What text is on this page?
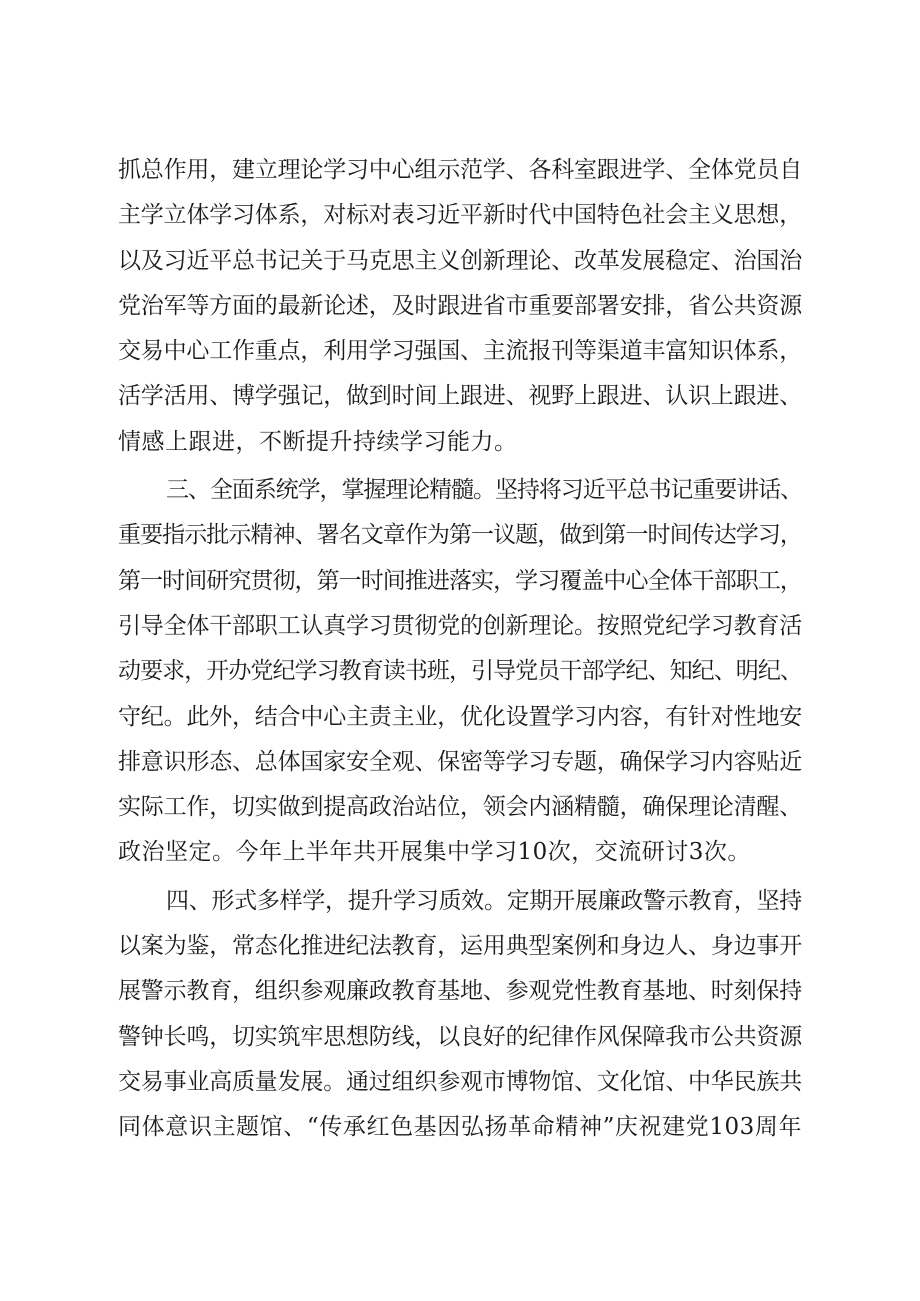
抓总作用，建立理论学习中心组示范学、各科室跟进学、全体党员自
主学立体学习体系，对标对表习近平新时代中国特色社会主义思想，
以及习近平总书记关于马克思主义创新理论、改革发展稳定、治国治
党治军等方面的最新论述，及时跟进省市重要部署安排，省公共资源
交易中心工作重点，利用学习强国、主流报刊等渠道丰富知识体系，
活学活用、博学强记，做到时间上跟进、视野上跟进、认识上跟进、
情感上跟进，不断提升持续学习能力。
三、全面系统学，掌握理论精髓。坚持将习近平总书记重要讲话、
重要指示批示精神、署名文章作为第一议题，做到第一时间传达学习，
第一时间研究贯彻，第一时间推进落实，学习覆盖中心全体干部职工，
引导全体干部职工认真学习贯彻党的创新理论。按照党纪学习教育活
动要求，开办党纪学习教育读书班，引导党员干部学纪、知纪、明纪、
守纪。此外，结合中心主责主业，优化设置学习内容，有针对性地安
排意识形态、总体国家安全观、保密等学习专题，确保学习内容贴近
实际工作，切实做到提高政治站位，领会内涵精髓，确保理论清醒、
政治坚定。今年上半年共开展集中学习10次，交流研讨3次。
四、形式多样学，提升学习质效。定期开展廉政警示教育，坚持
以案为鉴，常态化推进纪法教育，运用典型案例和身边人、身边事开
展警示教育，组织参观廉政教育基地、参观党性教育基地、时刻保持
警钟长鸣，切实筑牢思想防线，以良好的纪律作风保障我市公共资源
交易事业高质量发展。通过组织参观市博物馆、文化馆、中华民族共
同体意识主题馆、“传承红色基因弘扬革命精神”庆祝建党103周年
